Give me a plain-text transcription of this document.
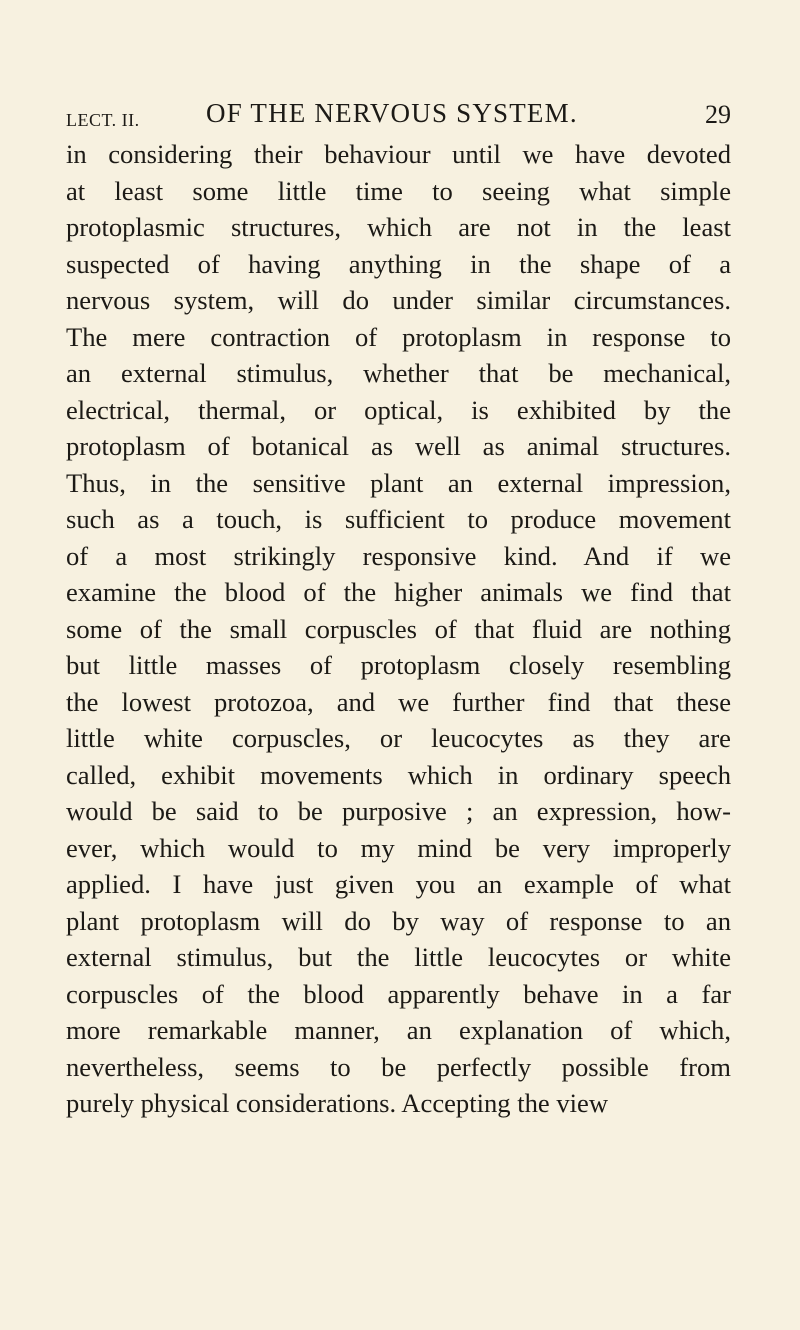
LECT. II. OF THE NERVOUS SYSTEM.	29
in considering their behaviour until we have devoted
at least some little time to seeing what simple
protoplasmic structures, which are not in the least
suspected of having anything in the shape of a
nervous system, will do under similar circumstances.
The mere contraction of protoplasm in response to
an external stimulus, whether that be mechanical,
electrical, thermal, or optical, is exhibited by the
protoplasm of botanical as well as animal structures.
Thus, in the sensitive plant an external impression,
such as a touch, is sufficient to produce movement
of a most strikingly responsive kind. And if we
examine the blood of the higher animals we find that
some of the small corpuscles of that fluid are nothing
but little masses of protoplasm closely resembling
the lowest protozoa, and we further find that these
little white corpuscles, or leucocytes as they are
called, exhibit movements which in ordinary speech
would be said to be purposive ; an expression, how-
ever, which would to my mind be very improperly
applied. I have just given you an example of what
plant protoplasm will do by way of response to an
external stimulus, but the little leucocytes or white
corpuscles of the blood apparently behave in a far
more remarkable manner, an explanation of which,
nevertheless, seems to be perfectly possible from
purely physical considerations. Accepting the view
